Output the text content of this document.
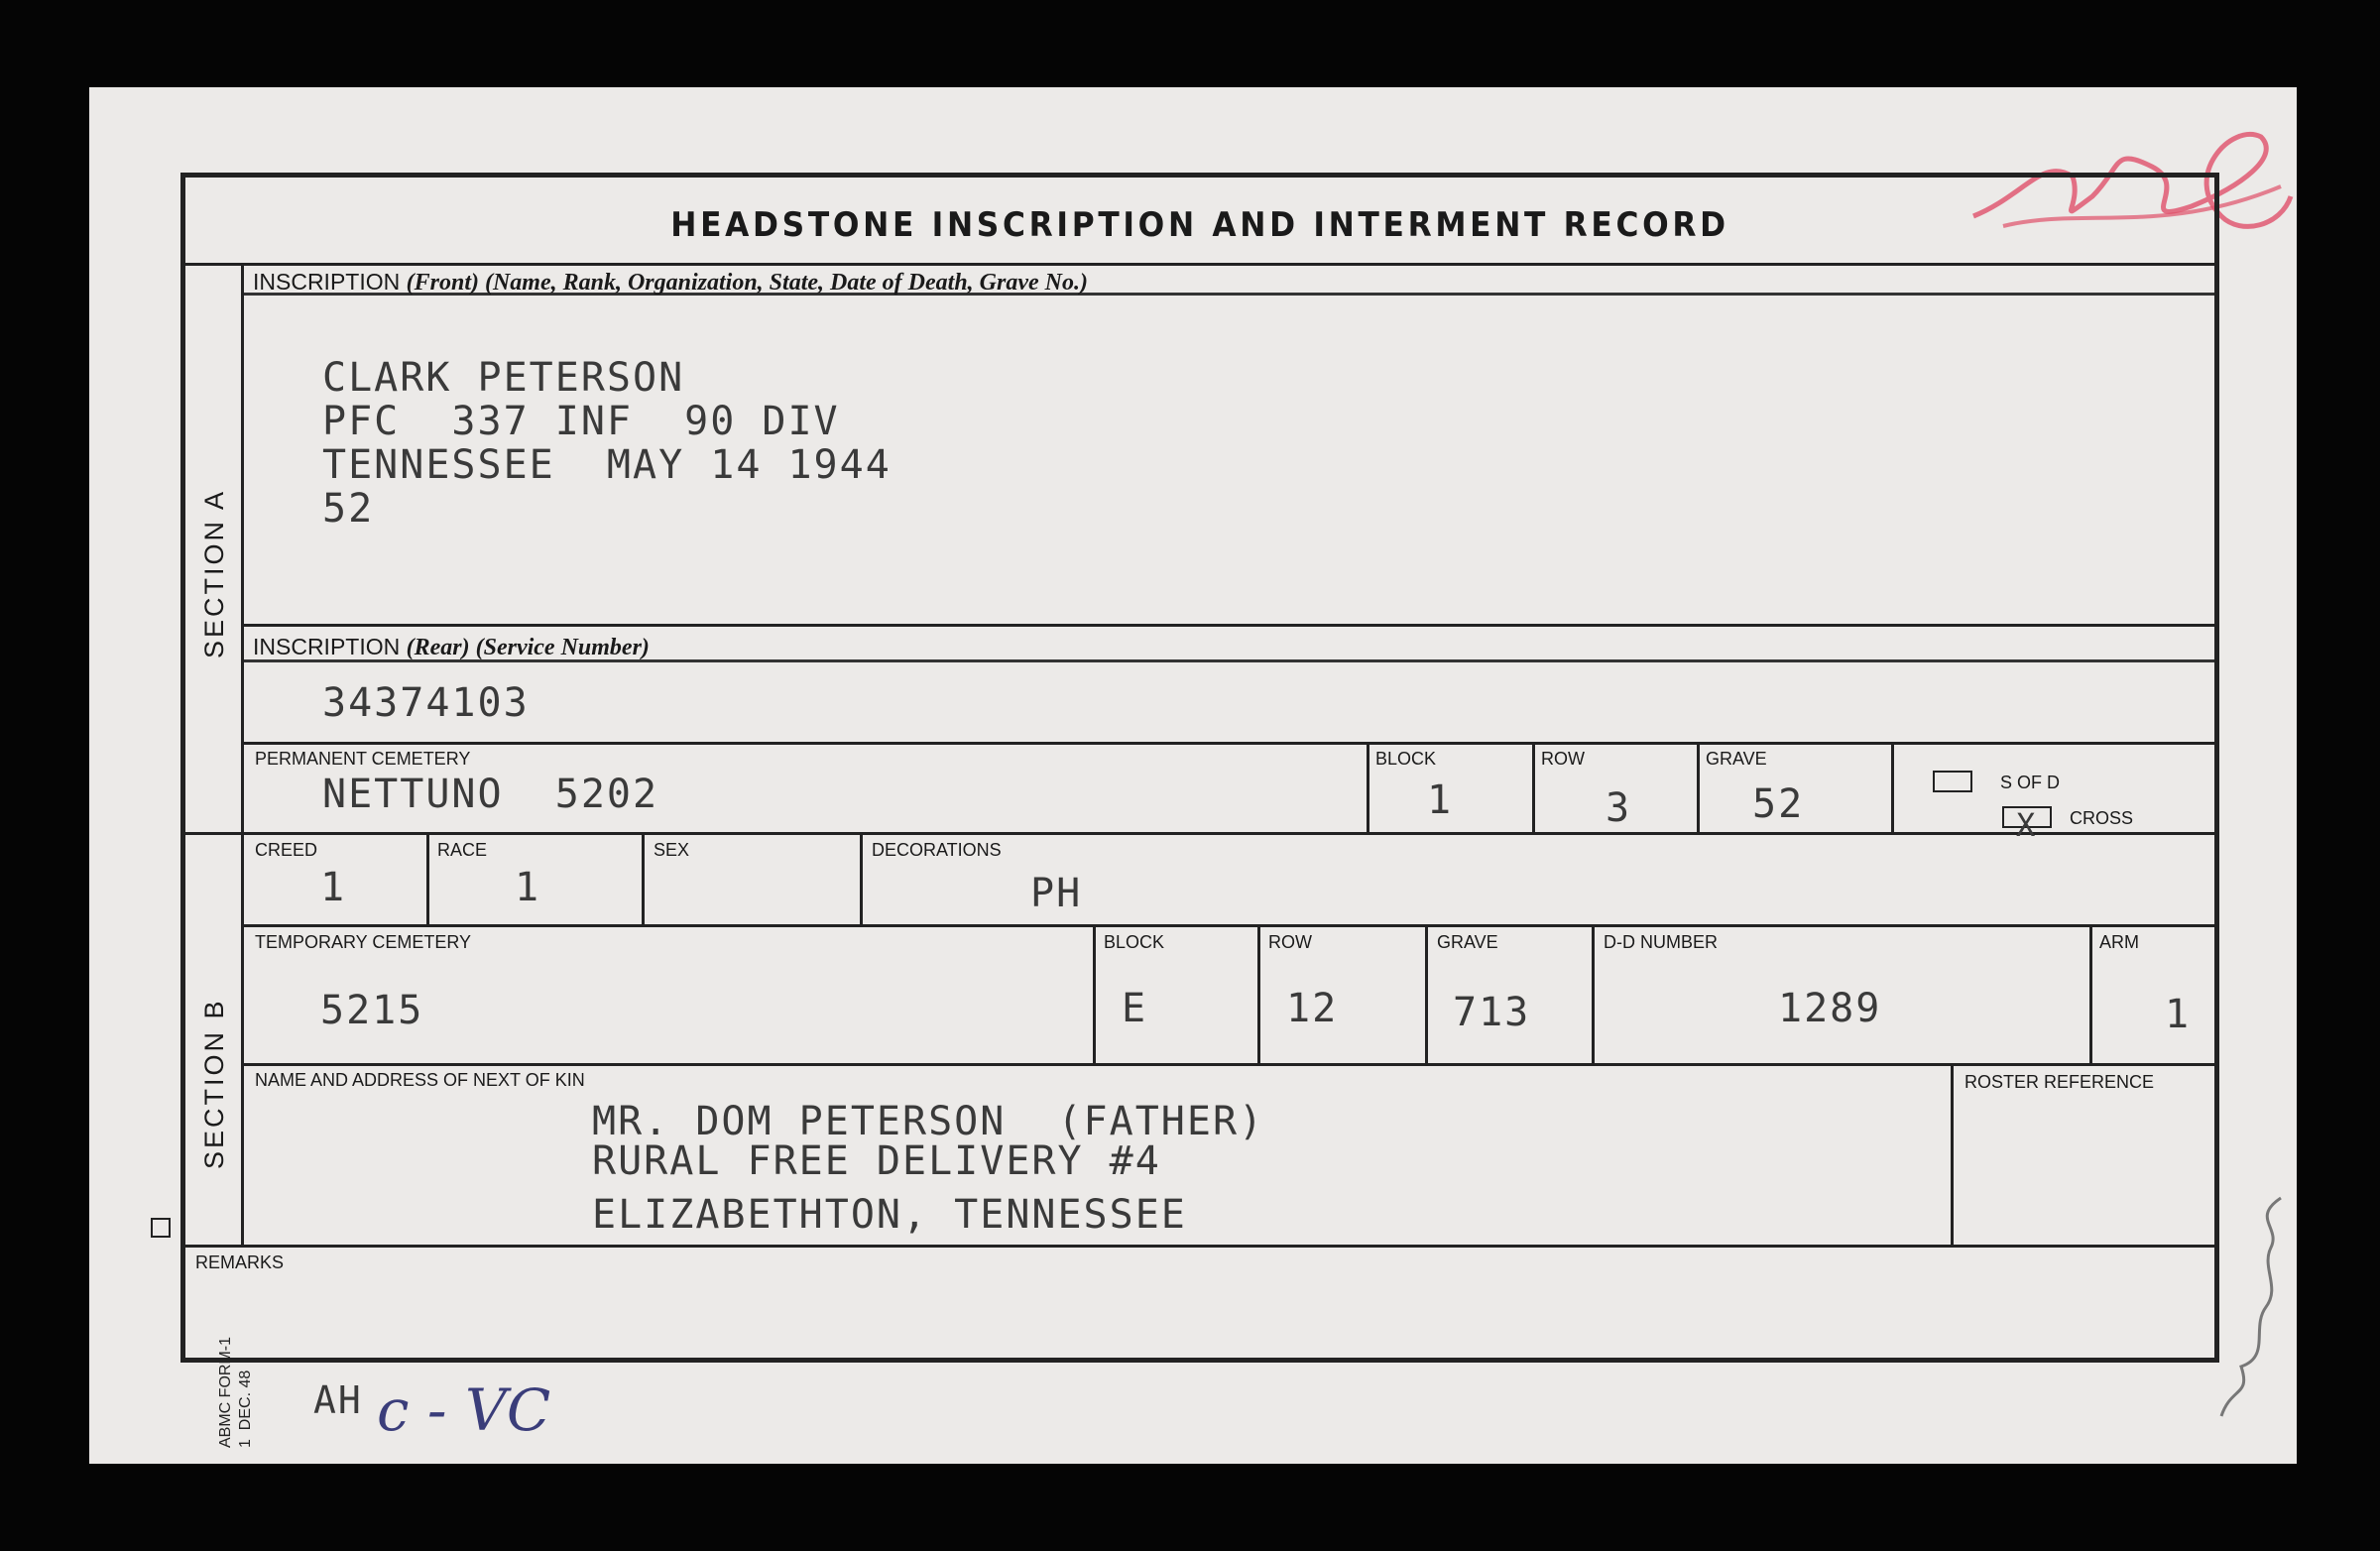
HEADSTONE INSCRIPTION AND INTERMENT RECORD
SECTION A
SECTION B
INSCRIPTION (Front) (Name, Rank, Organization, State, Date of Death, Grave No.)
CLARK PETERSON
PFC  337 INF  90 DIV
TENNESSEE  MAY 14 1944
52
INSCRIPTION (Rear) (Service Number)
34374103
PERMANENT CEMETERY
NETTUNO  5202
BLOCK
1
ROW
3
GRAVE
52	S OF D
X CROSS
CREED
1
RACE
1
SEX	DECORATIONS
PH
TEMPORARY CEMETERY
5215
BLOCK
E
ROW
12
GRAVE
713
D-D NUMBER
1289
ARM
1
NAME AND ADDRESS OF NEXT OF KIN
MR. DOM PETERSON  (FATHER)
RURAL FREE DELIVERY #4
ELIZABETHTON, TENNESSEE
ROSTER REFERENCE
REMARKS
ABMC FORM-1
1  DEC. 48 AH c - VC
